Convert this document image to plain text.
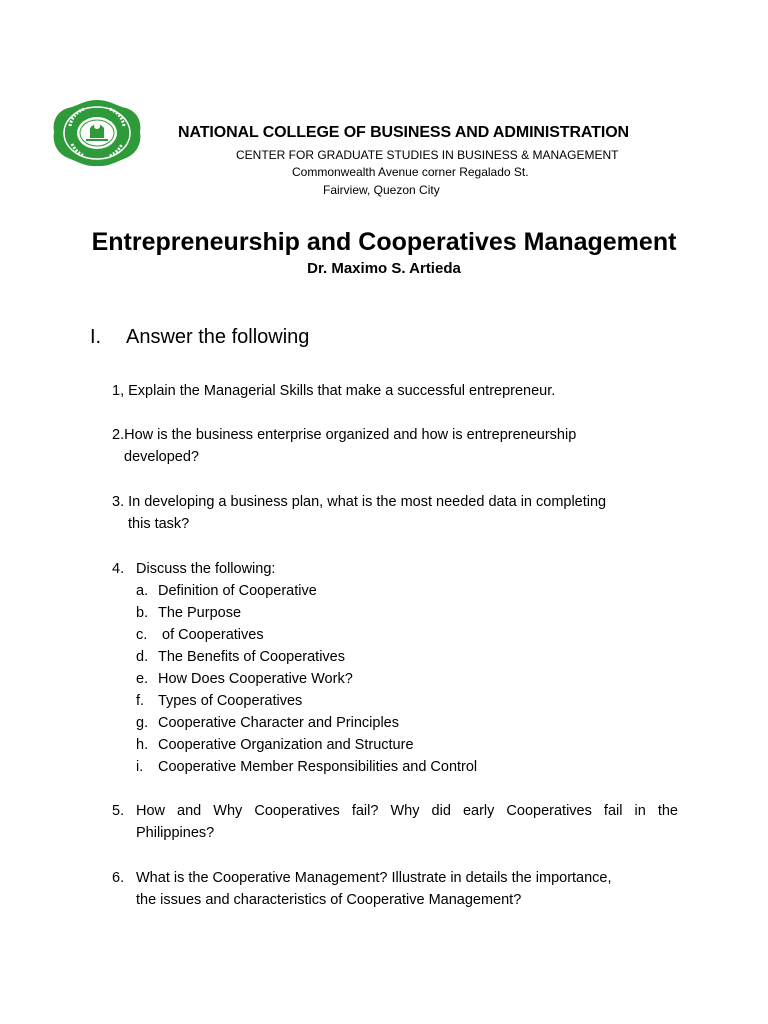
NATIONAL COLLEGE OF BUSINESS AND ADMINISTRATION
CENTER FOR GRADUATE STUDIES IN BUSINESS & MANAGEMENT
Commonwealth Avenue corner Regalado St.
Fairview, Quezon City
Entrepreneurship and Cooperatives Management
Dr. Maximo S. Artieda
I. Answer the following
1, Explain the Managerial Skills that make a successful entrepreneur.
2.How is the business enterprise organized and how is entrepreneurship
developed?
3. In developing a business plan, what is the most needed data in completing
this task?
4. Discuss the following:
a. Definition of Cooperative
b. The Purpose
c. of Cooperatives
d. The Benefits of Cooperatives
e. How Does Cooperative Work?
f. Types of Cooperatives
g. Cooperative Character and Principles
h. Cooperative Organization and Structure
i. Cooperative Member Responsibilities and Control
5. How and Why Cooperatives fail? Why did early Cooperatives fail in the
Philippines?
6. What is the Cooperative Management? Illustrate in details the importance,
the issues and characteristics of Cooperative Management?
